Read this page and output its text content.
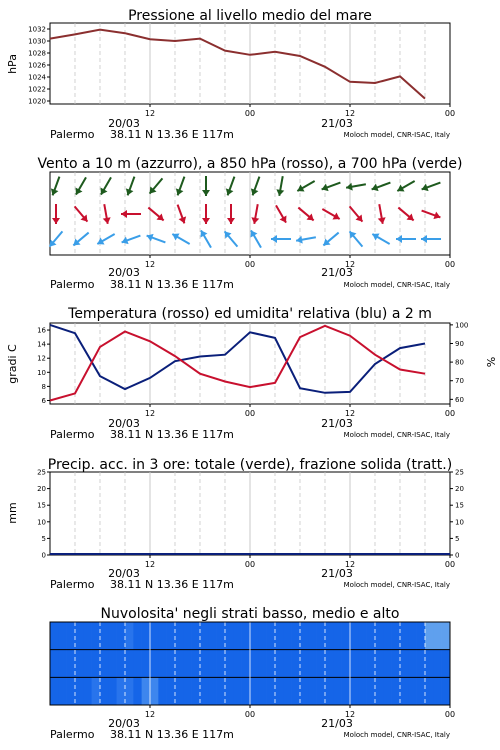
Pressione al livello medio del mare
hPa
20/03	21/03
Palermo 38.11 N 13.36 E 117m	Moloch model, CNR-ISAC, Italy
1020
1022
1024
1026
1028
1030
1032
12	00	12	00
Vento a 10 m (azzurro), a 850 hPa (rosso), a 700 hPa (verde)
20/03	21/03
Palermo 38.11 N 13.36 E 117m	Moloch model, CNR-ISAC, Italy
12	00	12	00
Temperatura (rosso) ed umidita' relativa (blu) a 2 m
gradi C	%
20/03	21/03
Palermo 38.11 N 13.36 E 117m	Moloch model, CNR-ISAC, Italy
6
8
10
12
14
16
60
70
80
90
100
12	00	12	00
Precip. acc. in 3 ore: totale (verde), frazione solida (tratt.)
mm
20/03	21/03
Palermo 38.11 N 13.36 E 117m	Moloch model, CNR-ISAC, Italy
0
5
10
15
20
25
0
5
10
15
20
25
12	00	12	00
Nuvolosita' negli strati basso, medio e alto
20/03	21/03
Palermo 38.11 N 13.36 E 117m	Moloch model, CNR-ISAC, Italy
12	00	12	00
